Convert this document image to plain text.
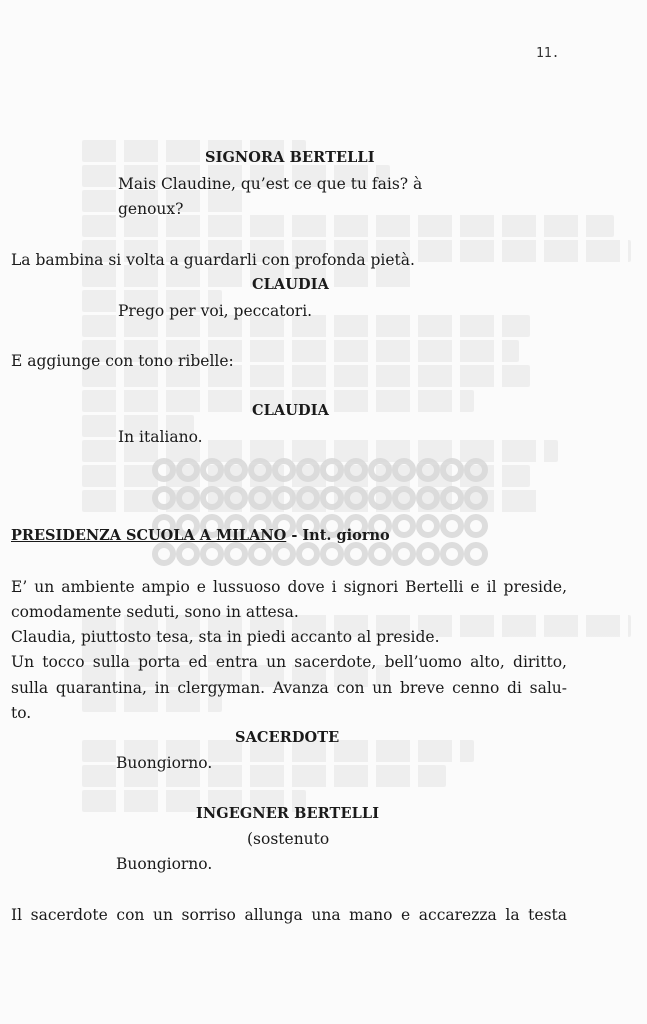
11.
SIGNORA BERTELLI
Mais Claudine, qu’est ce que tu fais? à
genoux?
La bambina si volta a guardarli con profonda pietà.
CLAUDIA
Prego per voi, peccatori.
E aggiunge con tono ribelle:
CLAUDIA
In italiano.
PRESIDENZA SCUOLA A MILANO - Int. giorno
E’ un ambiente ampio e lussuoso dove i signori Bertelli e il preside,
comodamente seduti, sono in attesa.
Claudia, piuttosto tesa, sta in piedi accanto al preside.
Un tocco sulla porta ed entra un sacerdote, bell’uomo alto, diritto,
sulla quarantina, in clergyman. Avanza con un breve cenno di salu-
to.
SACERDOTE
Buongiorno.
INGEGNER BERTELLI
(sostenuto
Buongiorno.
Il sacerdote con un sorriso allunga una mano e accarezza la testa
